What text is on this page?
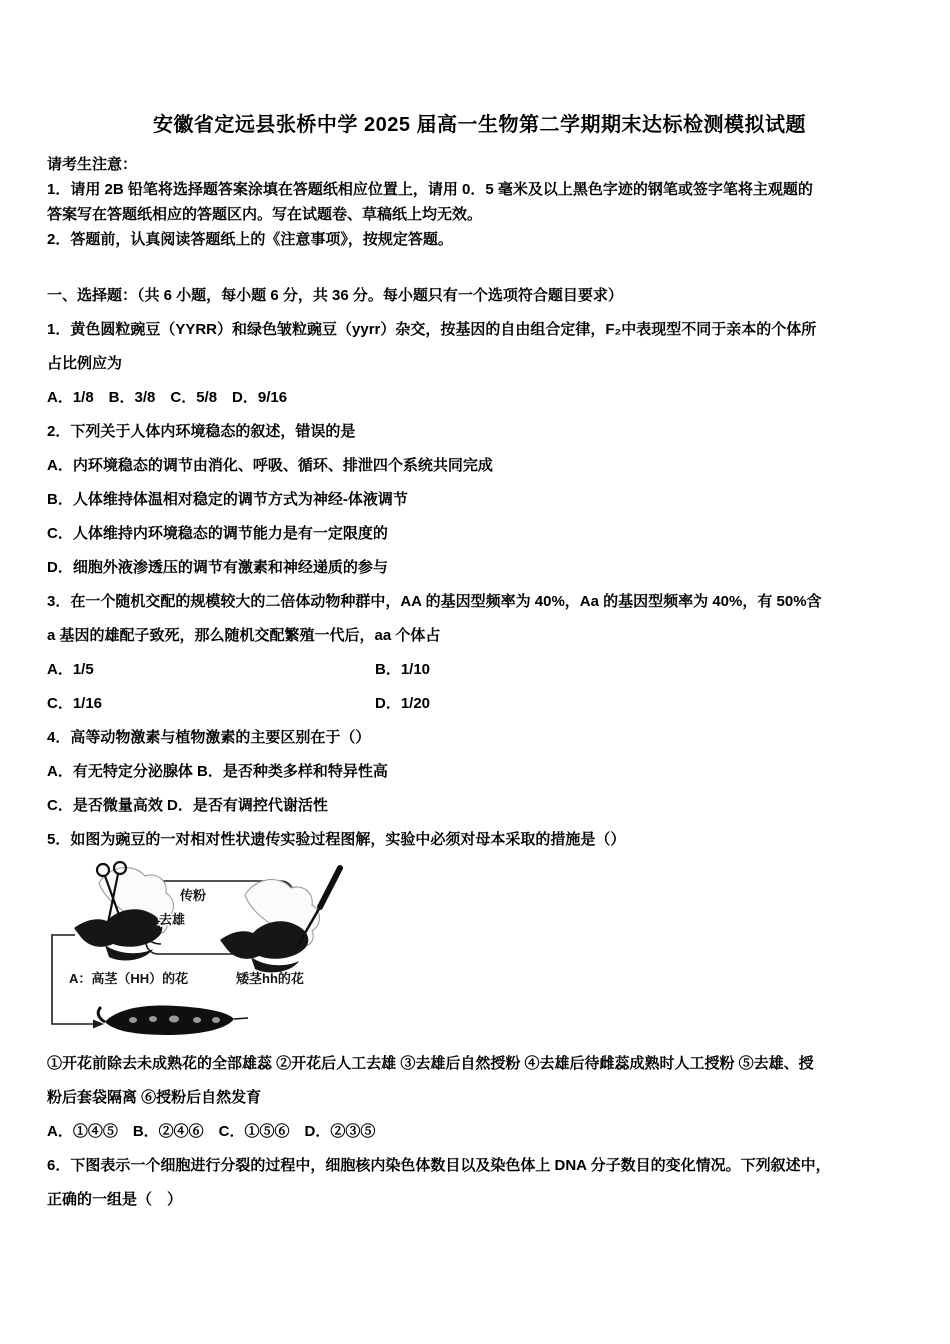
安徽省定远县张桥中学 2025 届高一生物第二学期期末达标检测模拟试题

请考生注意：

1．请用 2B 铅笔将选择题答案涂填在答题纸相应位置上，请用 0．5 毫米及以上黑色字迹的钢笔或签字笔将主观题的

答案写在答题纸相应的答题区内。写在试题卷、草稿纸上均无效。

2．答题前，认真阅读答题纸上的《注意事项》，按规定答题。

一、选择题：（共 6 小题，每小题 6 分，共 36 分。每小题只有一个选项符合题目要求）

1．黄色圆粒豌豆（YYRR）和绿色皱粒豌豆（yyrr）杂交，按基因的自由组合定律，F₂中表现型不同于亲本的个体所

占比例应为

A．1/8　B．3/8　C．5/8　D．9/16

2．下列关于人体内环境稳态的叙述，错误的是

A．内环境稳态的调节由消化、呼吸、循环、排泄四个系统共同完成

B．人体维持体温相对稳定的调节方式为神经-体液调节

C．人体维持内环境稳态的调节能力是有一定限度的

D．细胞外液渗透压的调节有激素和神经递质的参与

3．在一个随机交配的规模较大的二倍体动物种群中，AA 的基因型频率为 40%，Aa 的基因型频率为 40%，有 50%含

a 基因的雄配子致死，那么随机交配繁殖一代后，aa 个体占

A．1/5	B．1/10
C．1/16	D．1/20

4．高等动物激素与植物激素的主要区别在于（）

A．有无特定分泌腺体 B．是否种类多样和特异性高

C．是否微量高效 D．是否有调控代谢活性

5．如图为豌豆的一对相对性状遗传实验过程图解，实验中必须对母本采取的措施是（）

传粉
去雄
A：高茎（HH）的花	矮茎hh的花

①开花前除去未成熟花的全部雄蕊 ②开花后人工去雄 ③去雄后自然授粉 ④去雄后待雌蕊成熟时人工授粉 ⑤去雄、授

粉后套袋隔离 ⑥授粉后自然发育

A．①④⑤　B．②④⑥　C．①⑤⑥　D．②③⑤

6．下图表示一个细胞进行分裂的过程中，细胞核内染色体数目以及染色体上 DNA 分子数目的变化情况。下列叙述中，

正确的一组是（　）
